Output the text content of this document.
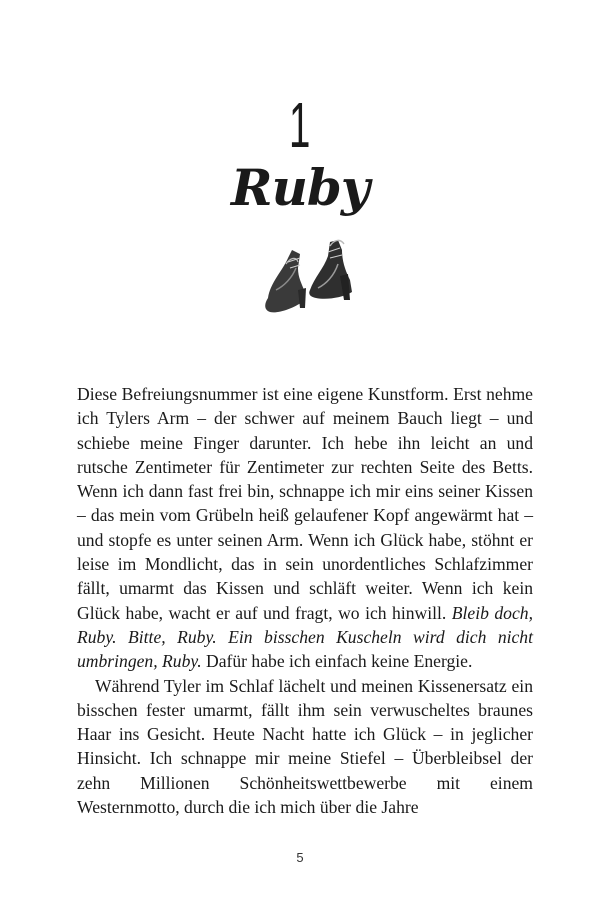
1
Ruby

Diese Befreiungsnummer ist eine eigene Kunstform. Erst nehme ich Tylers Arm – der schwer auf meinem Bauch liegt – und schiebe meine Finger darunter. Ich hebe ihn leicht an und rutsche Zentimeter für Zentimeter zur rechten Seite des Betts. Wenn ich dann fast frei bin, schnappe ich mir eins seiner Kissen – das mein vom Grübeln heiß gelaufener Kopf angewärmt hat – und stopfe es unter seinen Arm. Wenn ich Glück habe, stöhnt er leise im Mondlicht, das in sein unordentliches Schlafzimmer fällt, umarmt das Kissen und schläft weiter. Wenn ich kein Glück habe, wacht er auf und fragt, wo ich hinwill. Bleib doch, Ruby. Bitte, Ruby. Ein bisschen Kuscheln wird dich nicht umbringen, Ruby. Dafür habe ich einfach keine Energie.

Während Tyler im Schlaf lächelt und meinen Kissenersatz ein bisschen fester umarmt, fällt ihm sein verwuscheltes braunes Haar ins Gesicht. Heute Nacht hatte ich Glück – in jeglicher Hinsicht. Ich schnappe mir meine Stiefel – Überbleibsel der zehn Millionen Schönheitswettbewerbe mit einem Westernmotto, durch die ich mich über die Jahre

5
